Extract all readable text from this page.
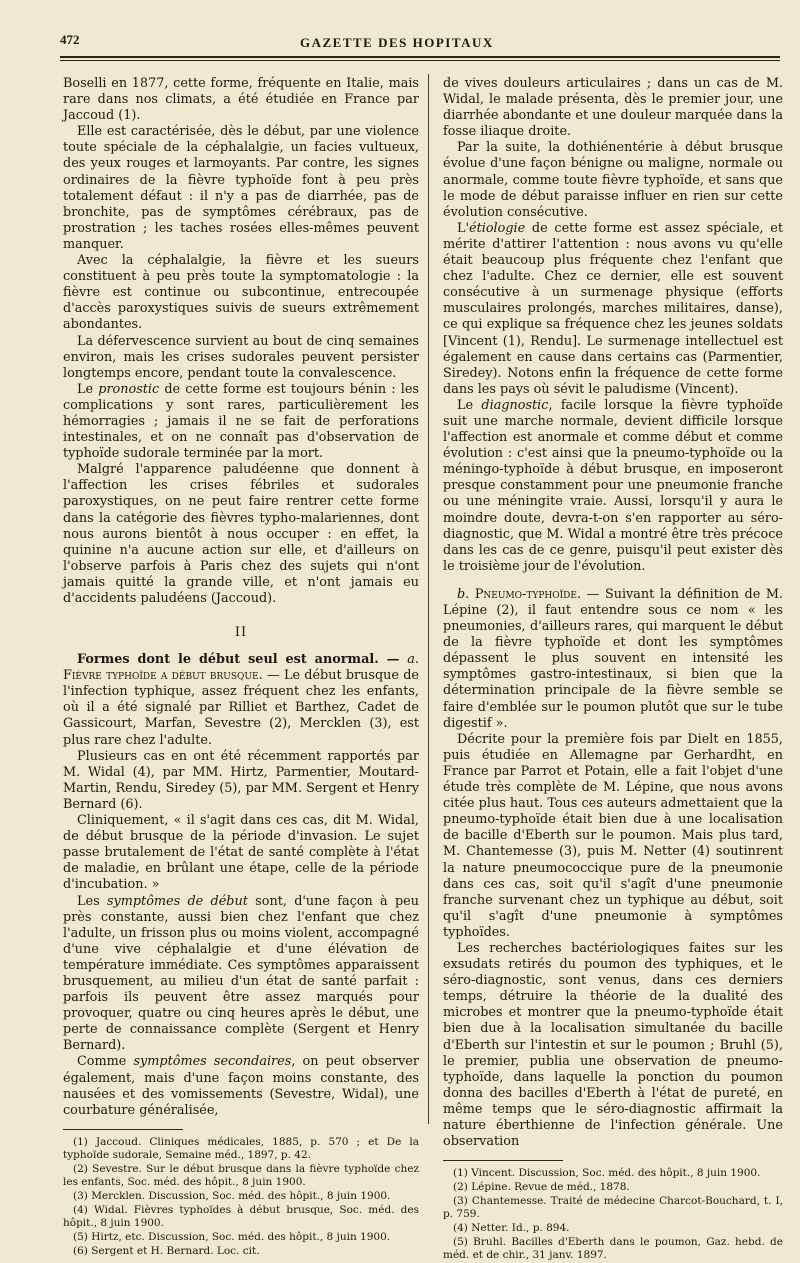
472	GAZETTE DES HOPITAUX

Boselli en 1877, cette forme, fréquente en Italie, mais rare dans nos climats, a été étudiée en France par Jaccoud (1).

Elle est caractérisée, dès le début, par une violence toute spéciale de la céphalalgie, un facies vultueux, des yeux rouges et larmoyants. Par contre, les signes ordinaires de la fièvre typhoïde font à peu près totalement défaut : il n'y a pas de diarrhée, pas de bronchite, pas de symptômes cérébraux, pas de prostration ; les taches rosées elles-mêmes peuvent manquer.

Avec la céphalalgie, la fièvre et les sueurs constituent à peu près toute la symptomatologie : la fièvre est continue ou subcontinue, entrecoupée d'accès paroxystiques suivis de sueurs extrêmement abondantes.

La défervescence survient au bout de cinq semaines environ, mais les crises sudorales peuvent persister longtemps encore, pendant toute la convalescence.

Le pronostic de cette forme est toujours bénin : les complications y sont rares, particulièrement les hémorragies ; jamais il ne se fait de perforations intestinales, et on ne connaît pas d'observation de typhoïde sudorale terminée par la mort.

Malgré l'apparence paludéenne que donnent à l'affection les crises fébriles et sudorales paroxystiques, on ne peut faire rentrer cette forme dans la catégorie des fièvres typho-malariennes, dont nous aurons bientôt à nous occuper : en effet, la quinine n'a aucune action sur elle, et d'ailleurs on l'observe parfois à Paris chez des sujets qui n'ont jamais quitté la grande ville, et n'ont jamais eu d'accidents paludéens (Jaccoud).

II

Formes dont le début seul est anormal. — a. Fièvre typhoïde a début brusque. — Le début brusque de l'infection typhique, assez fréquent chez les enfants, où il a été signalé par Rilliet et Barthez, Cadet de Gassicourt, Marfan, Sevestre (2), Mercklen (3), est plus rare chez l'adulte.

Plusieurs cas en ont été récemment rapportés par M. Widal (4), par MM. Hirtz, Parmentier, Moutard-Martin, Rendu, Siredey (5), par MM. Sergent et Henry Bernard (6).

Cliniquement, « il s'agit dans ces cas, dit M. Widal, de début brusque de la période d'invasion. Le sujet passe brutalement de l'état de santé complète à l'état de maladie, en brûlant une étape, celle de la période d'incubation. »

Les symptômes de début sont, d'une façon à peu près constante, aussi bien chez l'enfant que chez l'adulte, un frisson plus ou moins violent, accompagné d'une vive céphalalgie et d'une élévation de température immédiate. Ces symptômes apparaissent brusquement, au milieu d'un état de santé parfait : parfois ils peuvent être assez marqués pour provoquer, quatre ou cinq heures après le début, une perte de connaissance complète (Sergent et Henry Bernard).

Comme symptômes secondaires, on peut observer également, mais d'une façon moins constante, des nausées et des vomissements (Sevestre, Widal), une courbature généralisée,

(1) Jaccoud. Cliniques médicales, 1885, p. 570 ; et De la typhoïde sudorale, Semaine méd., 1897, p. 42.

(2) Sevestre. Sur le début brusque dans la fièvre typhoïde chez les enfants, Soc. méd. des hôpit., 8 juin 1900.

(3) Mercklen. Discussion, Soc. méd. des hôpit., 8 juin 1900.

(4) Widal. Fièvres typhoïdes à début brusque, Soc. méd. des hôpit., 8 juin 1900.

(5) Hirtz, etc. Discussion, Soc. méd. des hôpit., 8 juin 1900.

(6) Sergent et H. Bernard. Loc. cit.

de vives douleurs articulaires ; dans un cas de M. Widal, le malade présenta, dès le premier jour, une diarrhée abondante et une douleur marquée dans la fosse iliaque droite.

Par la suite, la dothiénentérie à début brusque évolue d'une façon bénigne ou maligne, normale ou anormale, comme toute fièvre typhoïde, et sans que le mode de début paraisse influer en rien sur cette évolution consécutive.

L'étiologie de cette forme est assez spéciale, et mérite d'attirer l'attention : nous avons vu qu'elle était beaucoup plus fréquente chez l'enfant que chez l'adulte. Chez ce dernier, elle est souvent consécutive à un surmenage physique (efforts musculaires prolongés, marches militaires, danse), ce qui explique sa fréquence chez les jeunes soldats [Vincent (1), Rendu]. Le surmenage intellectuel est également en cause dans certains cas (Parmentier, Siredey). Notons enfin la fréquence de cette forme dans les pays où sévit le paludisme (Vincent).

Le diagnostic, facile lorsque la fièvre typhoïde suit une marche normale, devient difficile lorsque l'affection est anormale et comme début et comme évolution : c'est ainsi que la pneumo-typhoïde ou la méningo-typhoïde à début brusque, en imposeront presque constamment pour une pneumonie franche ou une méningite vraie. Aussi, lorsqu'il y aura le moindre doute, devra-t-on s'en rapporter au séro-diagnostic, que M. Widal a montré être très précoce dans les cas de ce genre, puisqu'il peut exister dès le troisième jour de l'évolution.

b. Pneumo-typhoïde. — Suivant la définition de M. Lépine (2), il faut entendre sous ce nom « les pneumonies, d'ailleurs rares, qui marquent le début de la fièvre typhoïde et dont les symptômes dépassent le plus souvent en intensité les symptômes gastro-intestinaux, si bien que la détermination principale de la fièvre semble se faire d'emblée sur le poumon plutôt que sur le tube digestif ».

Décrite pour la première fois par Dielt en 1855, puis étudiée en Allemagne par Gerhardht, en France par Parrot et Potain, elle a fait l'objet d'une étude très complète de M. Lépine, que nous avons citée plus haut. Tous ces auteurs admettaient que la pneumo-typhoïde était bien due à une localisation de bacille d'Eberth sur le poumon. Mais plus tard, M. Chantemesse (3), puis M. Netter (4) soutinrent la nature pneumococcique pure de la pneumonie dans ces cas, soit qu'il s'agît d'une pneumonie franche survenant chez un typhique au début, soit qu'il s'agît d'une pneumonie à symptômes typhoïdes.

Les recherches bactériologiques faites sur les exsudats retirés du poumon des typhiques, et le séro-diagnostic, sont venus, dans ces derniers temps, détruire la théorie de la dualité des microbes et montrer que la pneumo-typhoïde était bien due à la localisation simultanée du bacille d'Eberth sur l'intestin et sur le poumon ; Bruhl (5), le premier, publia une observation de pneumo-typhoïde, dans laquelle la ponction du poumon donna des bacilles d'Eberth à l'état de pureté, en même temps que le séro-diagnostic affirmait la nature éberthienne de l'infection générale. Une observation

(1) Vincent. Discussion, Soc. méd. des hôpit., 8 juin 1900.

(2) Lépine. Revue de méd., 1878.

(3) Chantemesse. Traité de médecine Charcot-Bouchard, t. I, p. 759.

(4) Netter. Id., p. 894.

(5) Bruhl. Bacilles d'Eberth dans le poumon, Gaz. hebd. de méd. et de chir., 31 janv. 1897.
